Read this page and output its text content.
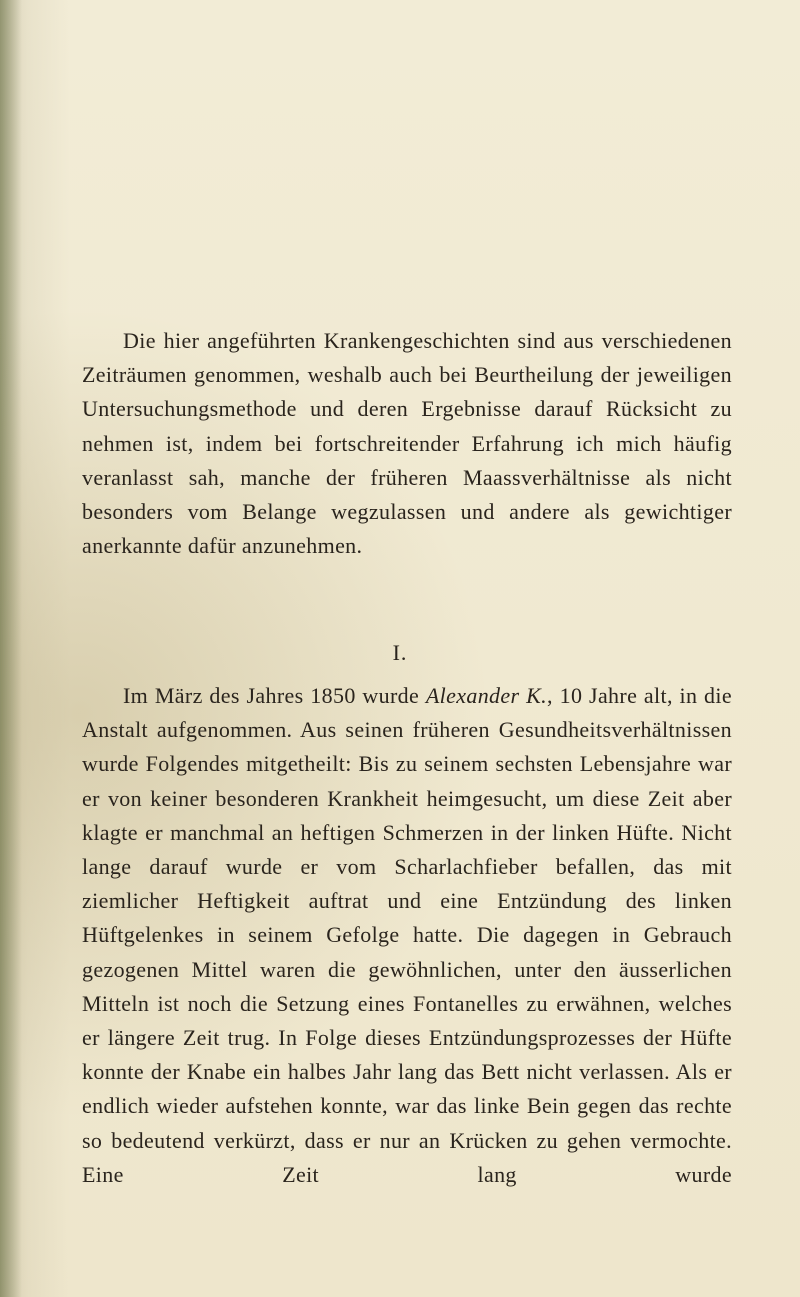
Die hier angeführten Krankengeschichten sind aus verschiedenen Zeiträumen genommen, weshalb auch bei Beurtheilung der jeweiligen Untersuchungsmethode und deren Ergebnisse darauf Rücksicht zu nehmen ist, indem bei fortschreitender Erfahrung ich mich häufig veranlasst sah, manche der früheren Maassverhältnisse als nicht besonders vom Belange wegzulassen und andere als gewichtiger anerkannte dafür anzunehmen.

I.

Im März des Jahres 1850 wurde Alexander K., 10 Jahre alt, in die Anstalt aufgenommen. Aus seinen früheren Gesundheitsverhältnissen wurde Folgendes mitgetheilt: Bis zu seinem sechsten Lebensjahre war er von keiner besonderen Krankheit heimgesucht, um diese Zeit aber klagte er manchmal an heftigen Schmerzen in der linken Hüfte. Nicht lange darauf wurde er vom Scharlachfieber befallen, das mit ziemlicher Heftigkeit auftrat und eine Entzündung des linken Hüftgelenkes in seinem Gefolge hatte. Die dagegen in Gebrauch gezogenen Mittel waren die gewöhnlichen, unter den äusserlichen Mitteln ist noch die Setzung eines Fontanelles zu erwähnen, welches er längere Zeit trug. In Folge dieses Entzündungsprozesses der Hüfte konnte der Knabe ein halbes Jahr lang das Bett nicht verlassen. Als er endlich wieder aufstehen konnte, war das linke Bein gegen das rechte so bedeutend verkürzt, dass er nur an Krücken zu gehen vermochte. Eine Zeit lang wurde
